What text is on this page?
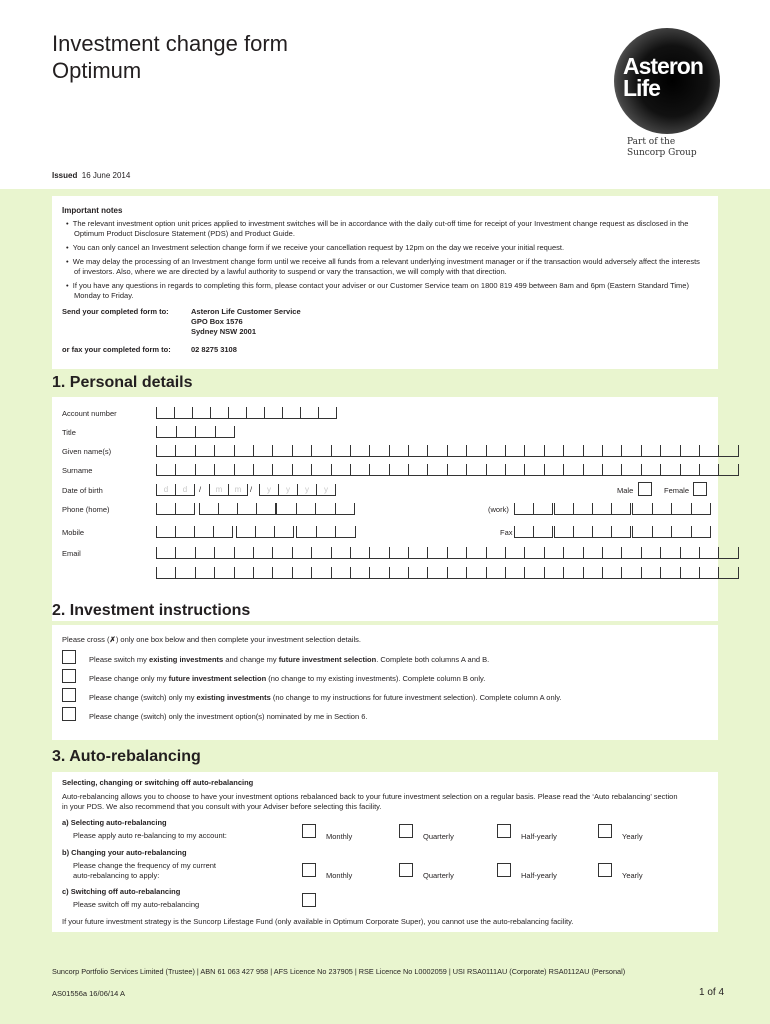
Investment change form
Optimum	Asteron
Life
Part of the
Suncorp Group
Issued 16 June 2014
Important notes
•  The relevant investment option unit prices applied to investment switches will be in accordance with the daily cut-off time for receipt of your Investment change request as disclosed in the Optimum Product Disclosure Statement (PDS) and Product Guide.
•  You can only cancel an Investment selection change form if we receive your cancellation request by 12pm on the day we receive your initial request.
•  We may delay the processing of an Investment change form until we receive all funds from a relevant underlying investment manager or if the transaction would adversely affect the interests of investors. Also, where we are directed by a lawful authority to suspend or vary the transaction, we will comply with that direction.
•  If you have any questions in regards to completing this form, please contact your adviser or our Customer Service team on 1800 819 499 between 8am and 6pm (Eastern Standard Time) Monday to Friday.
Send your completed form to:	Asteron Life Customer Service
GPO Box 1576
Sydney NSW 2001
or fax your completed form to:	02 8275 3108
1. Personal details
Account number
Title
Given name(s)
Surname
Date of birth	d	d	/	m	m	/	y	y	y	y	Male	Female
Phone (home)	(work)
Mobile	Fax
Email
2. Investment instructions
Please cross (✗) only one box below and then complete your investment selection details.
Please switch my existing investments and change my future investment selection. Complete both columns A and B.
Please change only my future investment selection (no change to my existing investments). Complete column B only.
Please change (switch) only my existing investments (no change to my instructions for future investment selection). Complete column A only.
Please change (switch) only the investment option(s) nominated by me in Section 6.
3. Auto-rebalancing
Selecting, changing or switching off auto-rebalancing
Auto-rebalancing allows you to choose to have your investment options rebalanced back to your future investment selection on a regular basis. Please read the ‘Auto rebalancing’ section in your PDS. We also recommend that you consult with your Adviser before selecting this facility.
a) Selecting auto-rebalancing
Please apply auto re-balancing to my account:	Monthly	Quarterly	Half-yearly	Yearly
b) Changing your auto-rebalancing
Please change the frequency of my current
auto-rebalancing to apply:	Monthly	Quarterly	Half-yearly	Yearly
c) Switching off auto-rebalancing
Please switch off my auto-rebalancing
If your future investment strategy is the Suncorp Lifestage Fund (only available in Optimum Corporate Super), you cannot use the auto-rebalancing facility.
Suncorp Portfolio Services Limited (Trustee) | ABN 61 063 427 958 | AFS Licence No 237905 | RSE Licence No L0002059 | USI RSA0111AU (Corporate) RSA0112AU (Personal)
AS01556a 16/06/14 A	1 of 4
